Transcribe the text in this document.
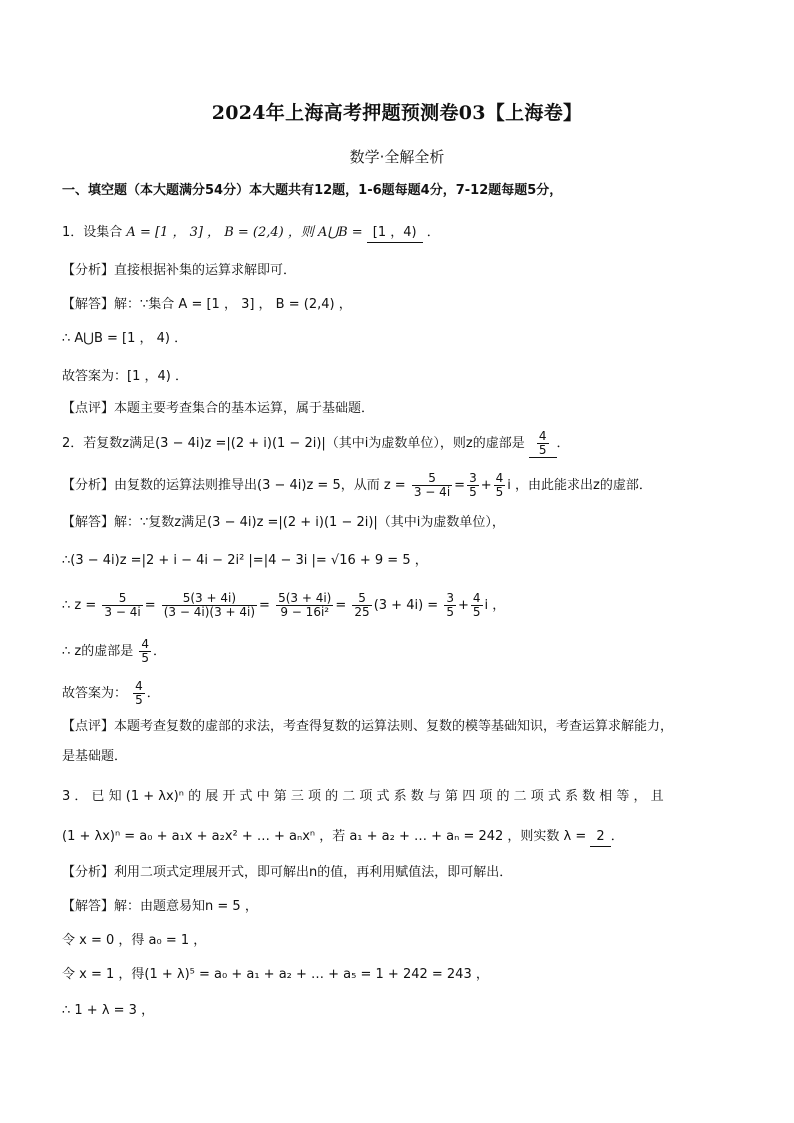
2024年上海高考押题预测卷03【上海卷】
数学·全解全析
一、填空题（本大题满分54分）本大题共有12题，1-6题每题4分，7-12题每题5分，
1．设集合 A = [1 ， 3] ， B = (2,4) ，则 A⋃B = [1 ，4) ．
【分析】直接根据补集的运算求解即可．
【解答】解：∵集合 A = [1 ， 3] ， B = (2,4) ，
∴ A⋃B = [1 ， 4) ．
故答案为：[1 ，4) ．
【点评】本题主要考查集合的基本运算，属于基础题．
2．若复数z满足(3 − 4i)z =|(2 + i)(1 − 2i)|（其中i为虚数单位），则z的虚部是 $\frac{4}{5}$ ．
【分析】由复数的运算法则推导出(3 − 4i)z = 5，从而 $z = \frac{5}{3 - 4i} = \frac{3}{5} + \frac{4}{5}$ i ，由此能求出z的虚部．
【解答】解：∵复数z满足(3 − 4i)z =|(2 + i)(1 − 2i)|（其中i为虚数单位），
∴(3 − 4i)z =|2 + i − 4i − 2i² |=|4 − 3i |= √16 + 9 = 5 ，
∴ $z = \frac{5}{3 - 4i} = \frac{5(3 + 4i)}{(3 - 4i)(3 + 4i)} = \frac{5(3 + 4i)}{\text{9 − 16i²}} = \frac{5}{25} (3 + 4i) = \frac{3}{5} + \frac{4}{5}$ i ，
∴ z的虚部是 $\frac{4}{5}$ ．
故答案为： $\frac{4}{5}$ ．
【点评】本题考查复数的虚部的求法，考查得复数的运算法则、复数的模等基础知识，考查运算求解能力，
是基础题．
3 ． 已 知 (1 + λx)ⁿ 的 展 开 式 中 第 三 项 的 二 项 式 系 数 与 第 四 项 的 二 项 式 系 数 相 等 ， 且
(1 + λx)ⁿ = a₀ + a₁x + a₂x² + … + aₙxⁿ ，若 a₁ + a₂ + … + aₙ = 242 ，则实数 λ = 2 ．
【分析】利用二项式定理展开式，即可解出n的值，再利用赋值法，即可解出．
【解答】解：由题意易知n = 5 ，
令 x = 0 ，得 a₀ = 1 ，
令 x = 1 ，得(1 + λ)⁵ = a₀ + a₁ + a₂ + … + a₅ = 1 + 242 = 243 ，
∴ 1 + λ = 3 ，
